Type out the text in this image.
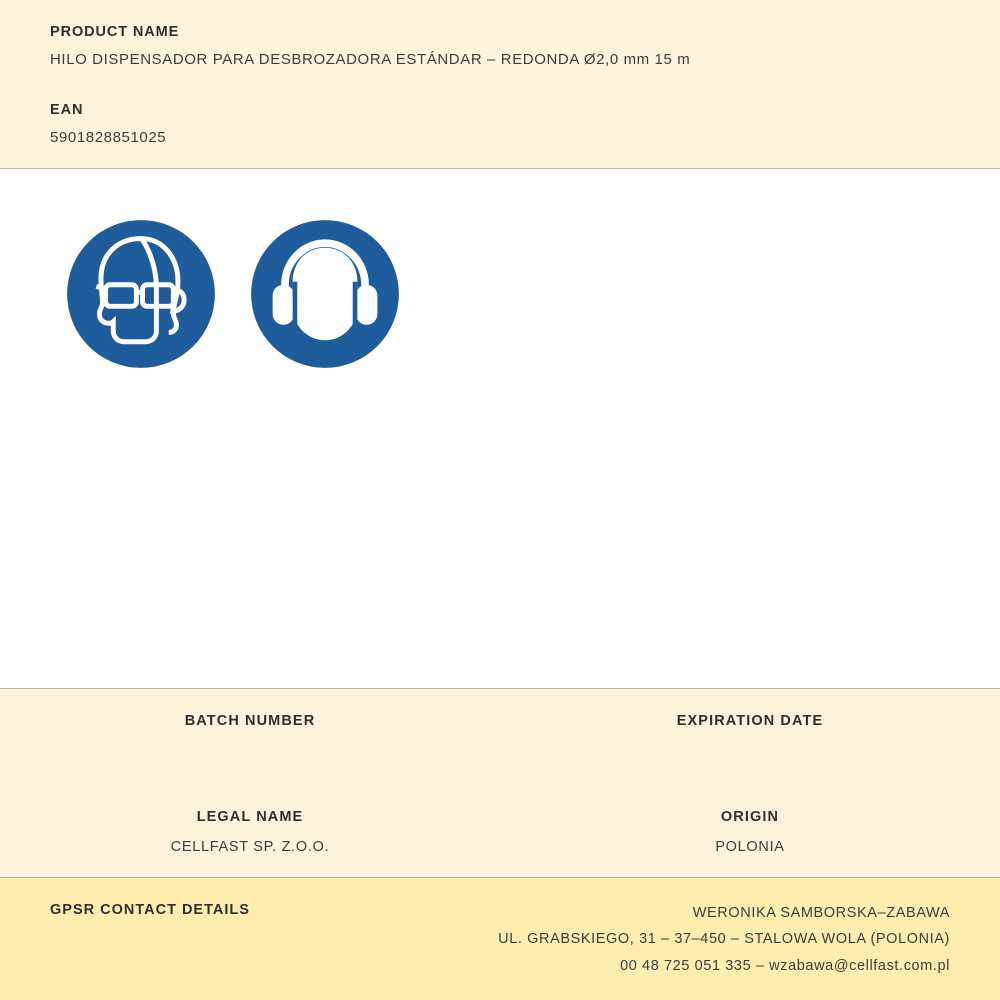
PRODUCT NAME

HILO DISPENSADOR PARA DESBROZADORA ESTÁNDAR – REDONDA Ø2,0 mm 15 m

EAN

5901828851025

BATCH NUMBER	EXPIRATION DATE
LEGAL NAME
CELLFAST SP. Z.O.O.
ORIGIN
POLONIA
GPSR CONTACT DETAILS	WERONIKA SAMBORSKA–ZABAWA
UL. GRABSKIEGO, 31 – 37–450 – STALOWA WOLA (POLONIA)
00 48 725 051 335 – wzabawa@cellfast.com.pl
